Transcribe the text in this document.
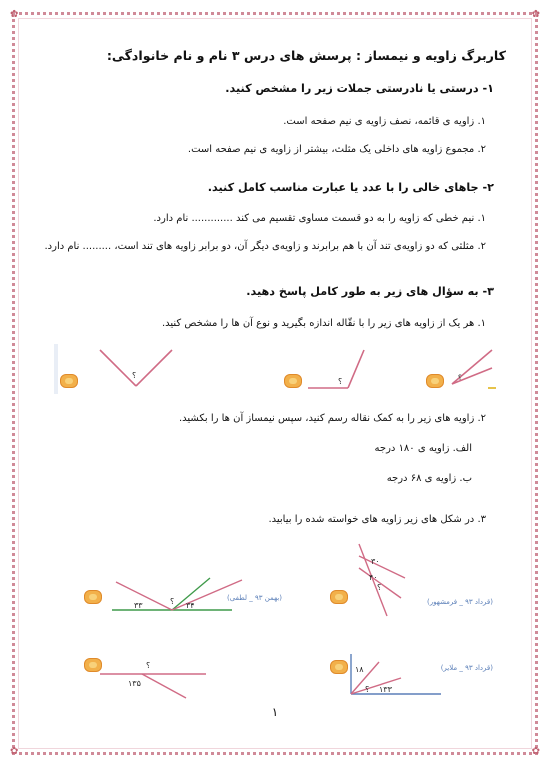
✿	✿
✿	✿
کاربرگ زاویه و نیمساز : پرسش های درس ۳ نام و نام خانوادگی:
۱- درستی یا نادرستی جملات زیر را مشخص کنید.
۱. زاویه ی قائمه، نصف زاویه ی نیم صفحه است.
۲. مجموع زاویه های داخلی یک مثلث، بیشتر از زاویه ی نیم صفحه است.
۲- جاهای خالی را با عدد یا عبارت مناسب کامل کنید.
۱. نیم خطی که زاویه را به دو قسمت مساوی تقسیم می کند ............. نام دارد.
۲. مثلثی که دو زاویه‌ی تند آن با هم برابرند و زاویه‌ی دیگر آن، دو برابر زاویه های تند است، ......... نام دارد.
۳- به سؤال های زیر به طور کامل پاسخ دهید.
۱. هر یک از زاویه های زیر را با نقّاله اندازه بگیرید و نوع آن ها را مشخص کنید.
۲. زاویه های زیر را به کمک نقاله رسم کنید، سپس نیمساز آن ها را بکشید.
الف. زاویه ی ۱۸۰ درجه
ب. زاویه ی ۶۸ درجه
۳. در شکل های زیر زاویه های خواسته شده را بیابید.
؟
؟	؟
؟
۳۳	۳۴
(بهمن ۹۳ _ لطفی)
۳۰
۴۰
؟
(قرداد ۹۳ _ فرمشهور)
؟
۱۳۵
۱۸
؟ ۱۳۳
(قرداد ۹۳ _ ملایر)
۱
